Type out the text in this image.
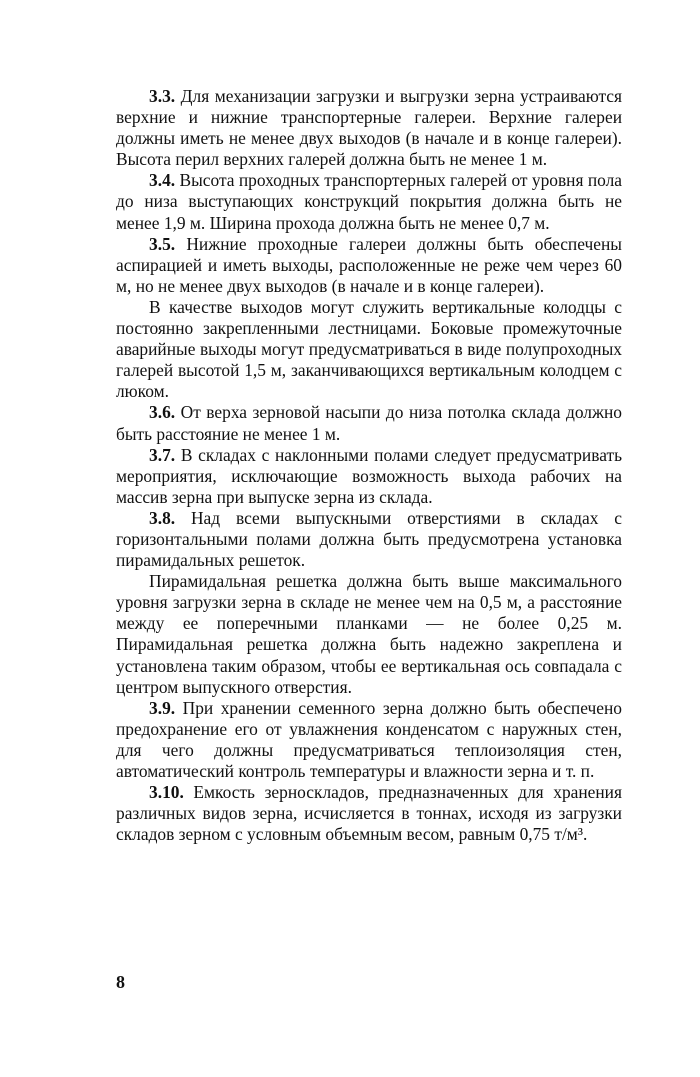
3.3. Для механизации загрузки и выгрузки зерна устраиваются верхние и нижние транспортерные галереи. Верхние галереи должны иметь не менее двух выходов (в начале и в конце галереи). Высота перил верхних галерей должна быть не менее 1 м.

3.4. Высота проходных транспортерных галерей от уровня пола до низа выступающих конструкций покрытия должна быть не менее 1,9 м. Ширина прохода должна быть не менее 0,7 м.

3.5. Нижние проходные галереи должны быть обеспечены аспирацией и иметь выходы, расположенные не реже чем через 60 м, но не менее двух выходов (в начале и в конце галереи).

В качестве выходов могут служить вертикальные колодцы с постоянно закрепленными лестницами. Боковые промежуточные аварийные выходы могут предусматриваться в виде полупроходных галерей высотой 1,5 м, заканчивающихся вертикальным колодцем с люком.

3.6. От верха зерновой насыпи до низа потолка склада должно быть расстояние не менее 1 м.

3.7. В складах с наклонными полами следует предусматривать мероприятия, исключающие возможность выхода рабочих на массив зерна при выпуске зерна из склада.

3.8. Над всеми выпускными отверстиями в складах с горизонтальными полами должна быть предусмотрена установка пирамидальных решеток.

Пирамидальная решетка должна быть выше максимального уровня загрузки зерна в складе не менее чем на 0,5 м, а расстояние между ее поперечными планками — не более 0,25 м. Пирамидальная решетка должна быть надежно закреплена и установлена таким образом, чтобы ее вертикальная ось совпадала с центром выпускного отверстия.

3.9. При хранении семенного зерна должно быть обеспечено предохранение его от увлажнения конденсатом с наружных стен, для чего должны предусматриваться теплоизоляция стен, автоматический контроль температуры и влажности зерна и т. п.

3.10. Емкость зерноскладов, предназначенных для хранения различных видов зерна, исчисляется в тоннах, исходя из загрузки складов зерном с условным объемным весом, равным 0,75 т/м³.

8
